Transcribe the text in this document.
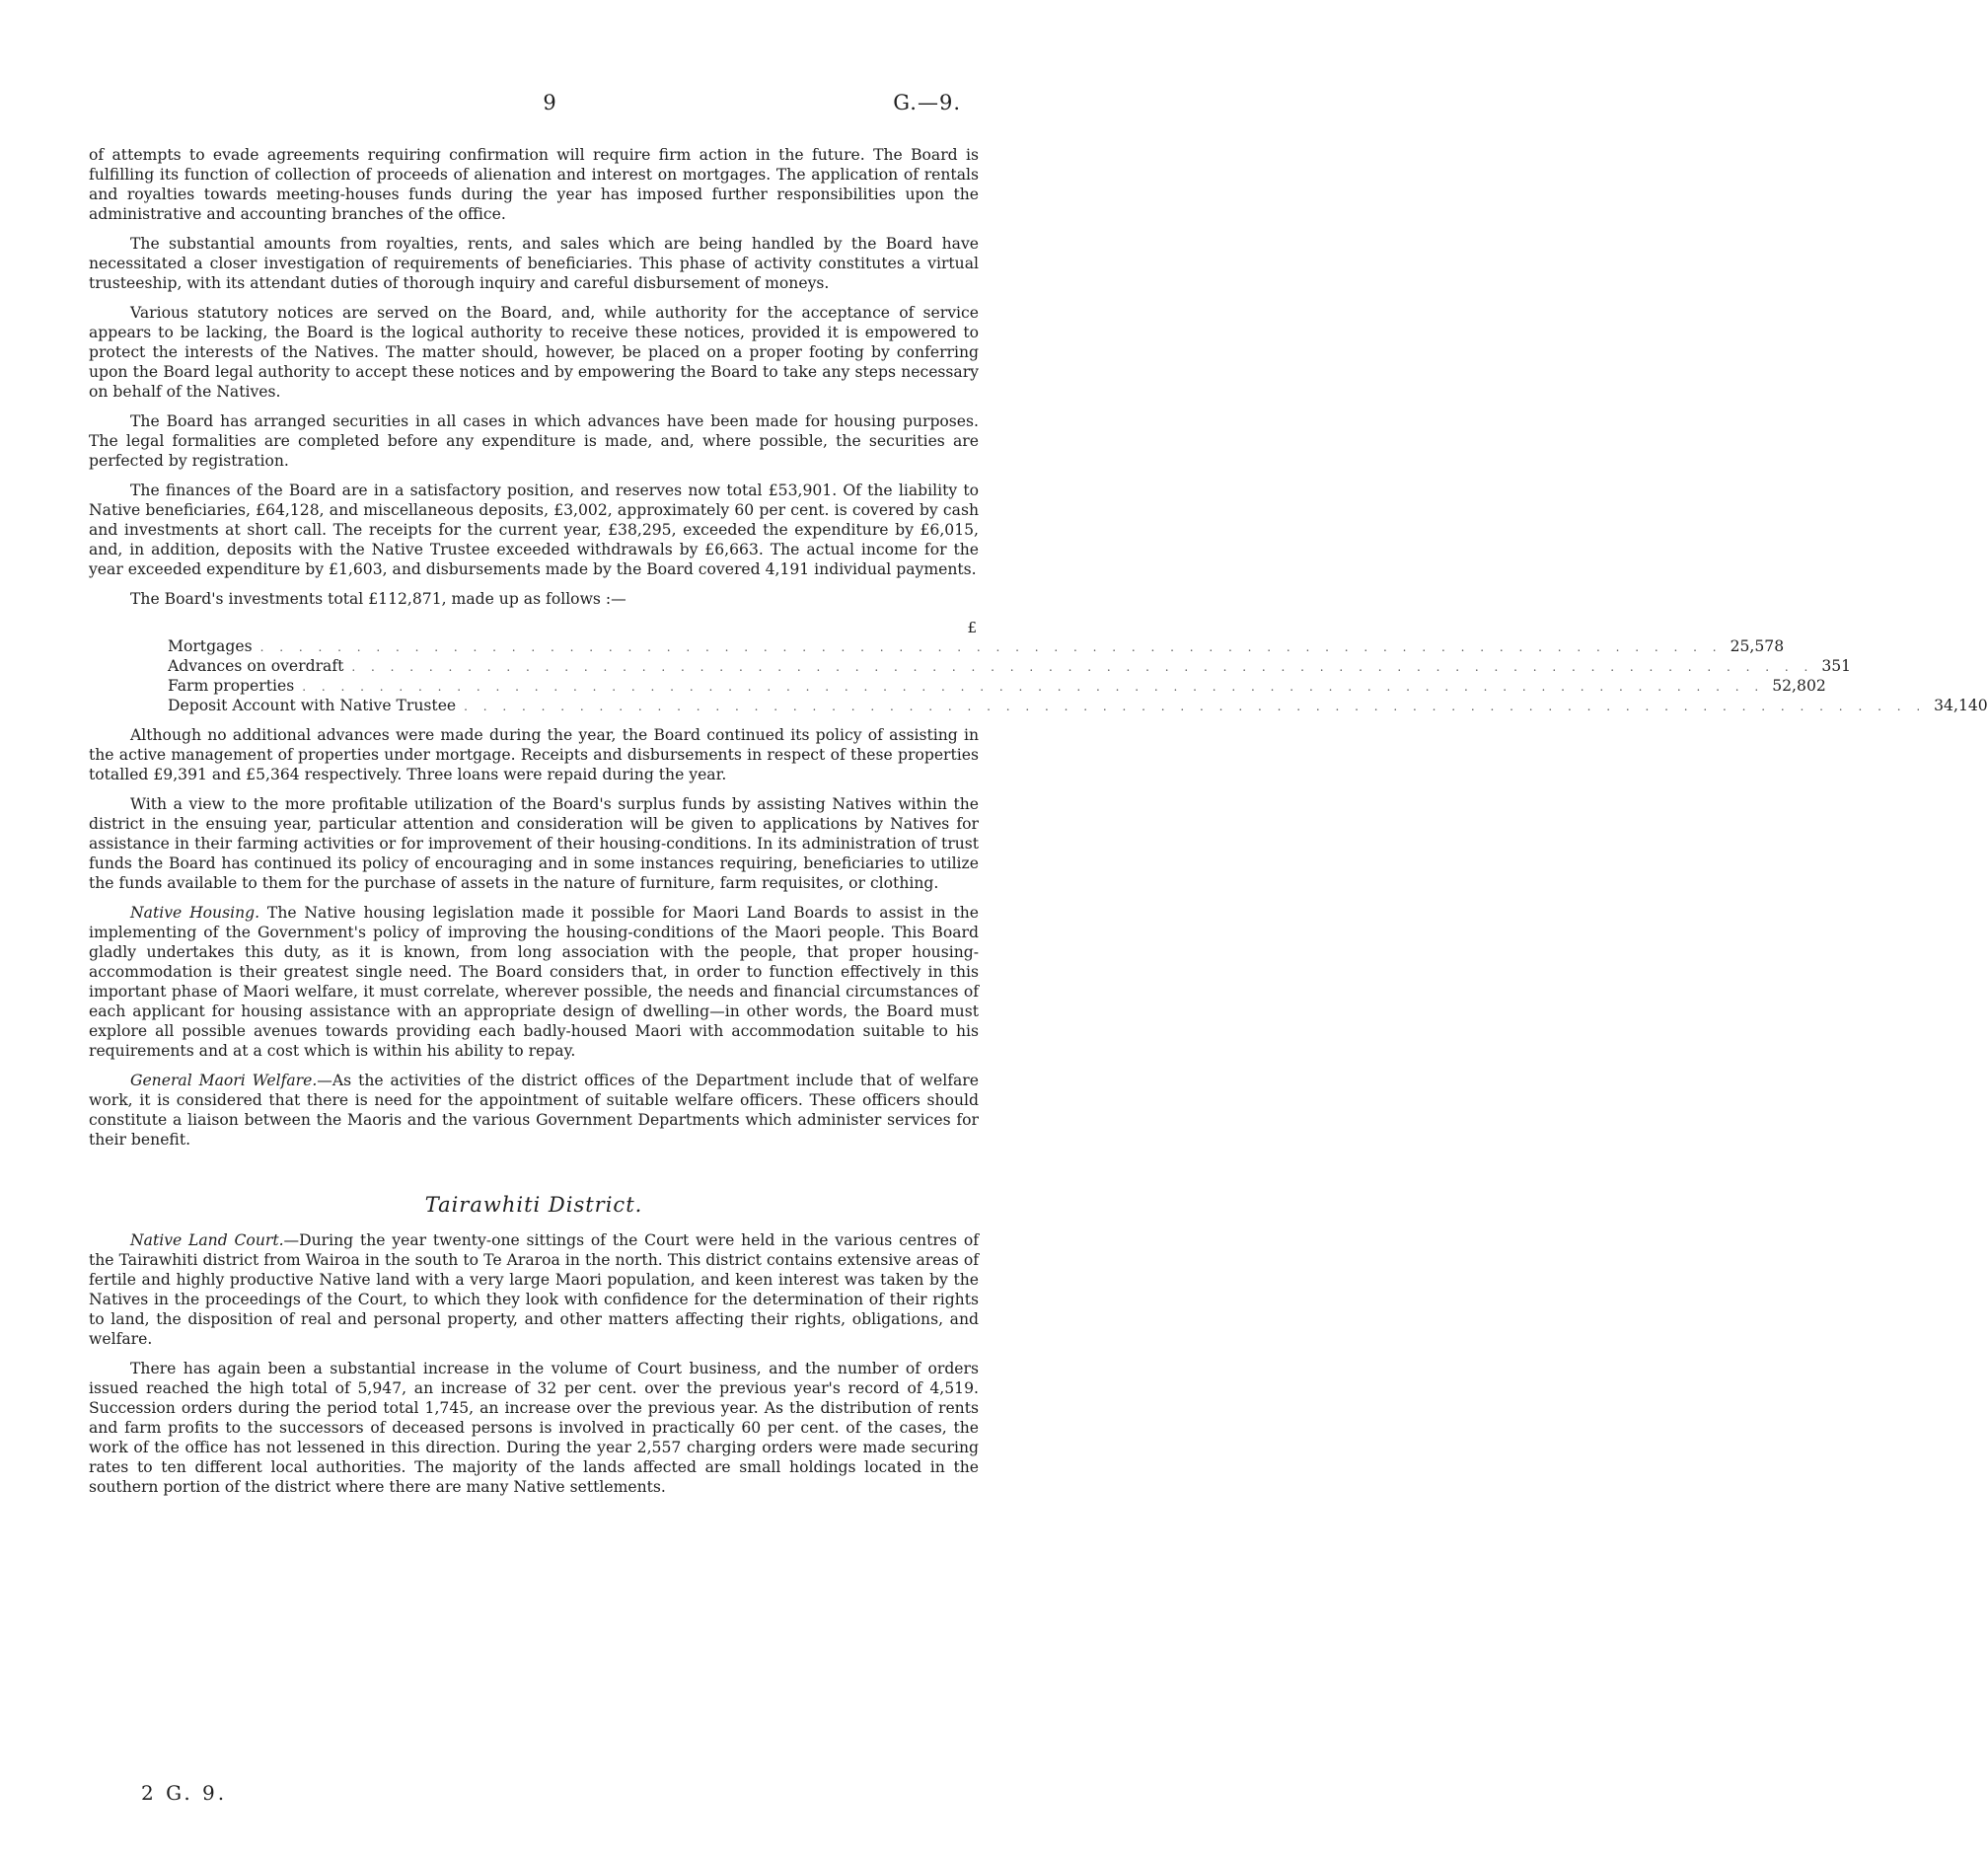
9	G.—9.

of attempts to evade agreements requiring confirmation will require firm action in the future. The Board is fulfilling its function of collection of proceeds of alienation and interest on mortgages. The application of rentals and royalties towards meeting-houses funds during the year has imposed further responsibilities upon the administrative and accounting branches of the office.

The substantial amounts from royalties, rents, and sales which are being handled by the Board have necessitated a closer investigation of requirements of beneficiaries. This phase of activity constitutes a virtual trusteeship, with its attendant duties of thorough inquiry and careful disbursement of moneys.

Various statutory notices are served on the Board, and, while authority for the acceptance of service appears to be lacking, the Board is the logical authority to receive these notices, provided it is empowered to protect the interests of the Natives. The matter should, however, be placed on a proper footing by conferring upon the Board legal authority to accept these notices and by empowering the Board to take any steps necessary on behalf of the Natives.

The Board has arranged securities in all cases in which advances have been made for housing purposes. The legal formalities are completed before any expenditure is made, and, where possible, the securities are perfected by registration.

The finances of the Board are in a satisfactory position, and reserves now total £53,901. Of the liability to Native beneficiaries, £64,128, and miscellaneous deposits, £3,002, approximately 60 per cent. is covered by cash and investments at short call. The receipts for the current year, £38,295, exceeded the expenditure by £6,015, and, in addition, deposits with the Native Trustee exceeded withdrawals by £6,663. The actual income for the year exceeded expenditure by £1,603, and disbursements made by the Board covered 4,191 individual payments.

The Board's investments total £112,871, made up as follows :—

£
Mortgages . . . . . . . . . . . . . . . . . . . . . . . . . . . . . . . . . . . . . . . . . . . . . . . . . . . . . . . . . . . . . . . . . . . . . . . . . . . . 25,578
Advances on overdraft . . . . . . . . . . . . . . . . . . . . . . . . . . . . . . . . . . . . . . . . . . . . . . . . . . . . . . . . . . . . . . . . . . . . . . . . . . . . 351
Farm properties . . . . . . . . . . . . . . . . . . . . . . . . . . . . . . . . . . . . . . . . . . . . . . . . . . . . . . . . . . . . . . . . . . . . . . . . . . . . 52,802
Deposit Account with Native Trustee . . . . . . . . . . . . . . . . . . . . . . . . . . . . . . . . . . . . . . . . . . . . . . . . . . . . . . . . . . . . . . . . . . . . . . . . . . . . 34,140

Although no additional advances were made during the year, the Board continued its policy of assisting in the active management of properties under mortgage. Receipts and disbursements in respect of these properties totalled £9,391 and £5,364 respectively. Three loans were repaid during the year.

With a view to the more profitable utilization of the Board's surplus funds by assisting Natives within the district in the ensuing year, particular attention and consideration will be given to applications by Natives for assistance in their farming activities or for improvement of their housing-conditions. In its administration of trust funds the Board has continued its policy of encouraging and in some instances requiring, beneficiaries to utilize the funds available to them for the purchase of assets in the nature of furniture, farm requisites, or clothing.

Native Housing. The Native housing legislation made it possible for Maori Land Boards to assist in the implementing of the Government's policy of improving the housing-conditions of the Maori people. This Board gladly undertakes this duty, as it is known, from long association with the people, that proper housing-accommodation is their greatest single need. The Board considers that, in order to function effectively in this important phase of Maori welfare, it must correlate, wherever possible, the needs and financial circumstances of each applicant for housing assistance with an appropriate design of dwelling—in other words, the Board must explore all possible avenues towards providing each badly-housed Maori with accommodation suitable to his requirements and at a cost which is within his ability to repay.

General Maori Welfare.—As the activities of the district offices of the Department include that of welfare work, it is considered that there is need for the appointment of suitable welfare officers. These officers should constitute a liaison between the Maoris and the various Government Departments which administer services for their benefit.

Tairawhiti District.

Native Land Court.—During the year twenty-one sittings of the Court were held in the various centres of the Tairawhiti district from Wairoa in the south to Te Araroa in the north. This district contains extensive areas of fertile and highly productive Native land with a very large Maori population, and keen interest was taken by the Natives in the proceedings of the Court, to which they look with confidence for the determination of their rights to land, the disposition of real and personal property, and other matters affecting their rights, obligations, and welfare.

There has again been a substantial increase in the volume of Court business, and the number of orders issued reached the high total of 5,947, an increase of 32 per cent. over the previous year's record of 4,519. Succession orders during the period total 1,745, an increase over the previous year. As the distribution of rents and farm profits to the successors of deceased persons is involved in practically 60 per cent. of the cases, the work of the office has not lessened in this direction. During the year 2,557 charging orders were made securing rates to ten different local authorities. The majority of the lands affected are small holdings located in the southern portion of the district where there are many Native settlements.

2 G. 9.
